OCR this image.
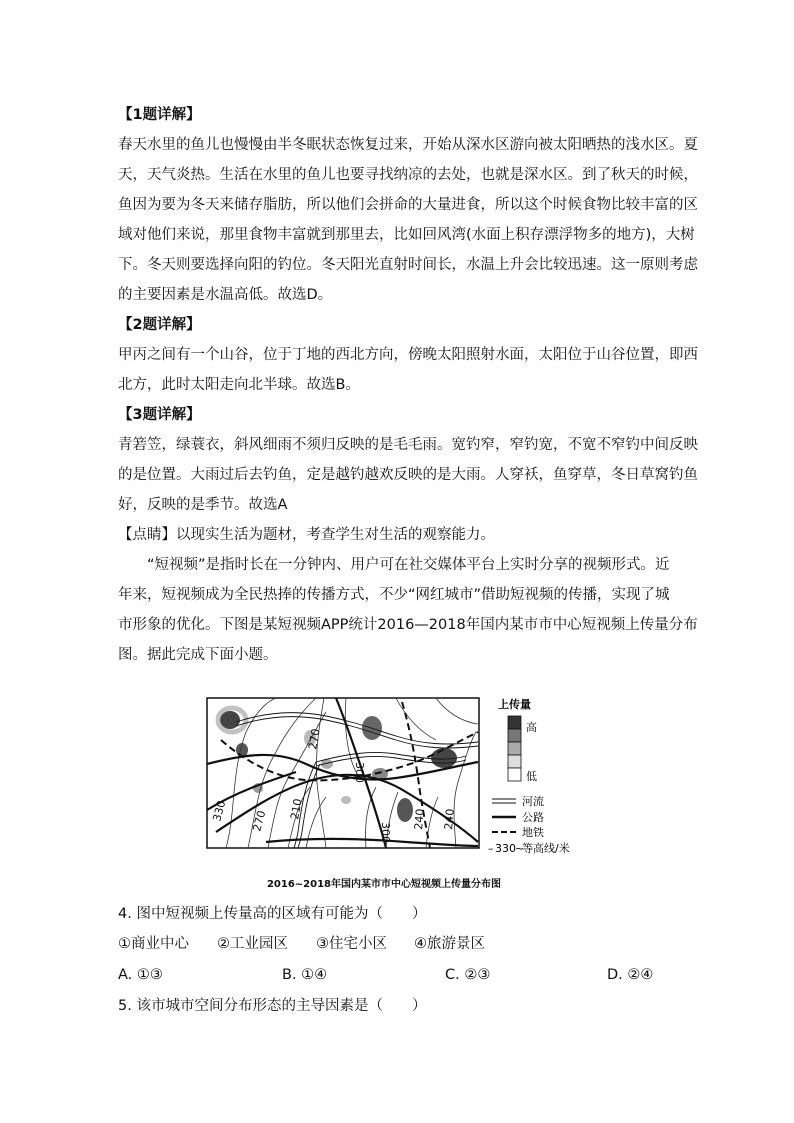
【1题详解】
春天水里的鱼儿也慢慢由半冬眠状态恢复过来，开始从深水区游向被太阳晒热的浅水区。夏
天，天气炎热。生活在水里的鱼儿也要寻找纳凉的去处，也就是深水区。到了秋天的时候，
鱼因为要为冬天来储存脂肪，所以他们会拼命的大量进食，所以这个时候食物比较丰富的区
域对他们来说，那里食物丰富就到那里去，比如回风湾(水面上积存漂浮物多的地方)，大树
下。冬天则要选择向阳的钓位。冬天阳光直射时间长，水温上升会比较迅速。这一原则考虑
的主要因素是水温高低。故选D。
【2题详解】
甲丙之间有一个山谷，位于丁地的西北方向，傍晚太阳照射水面，太阳位于山谷位置，即西
北方，此时太阳走向北半球。故选B。
【3题详解】
青箬笠，绿蓑衣，斜风细雨不须归反映的是毛毛雨。宽钓窄，窄钓宽，不宽不窄钓中间反映
的是位置。大雨过后去钓鱼，定是越钓越欢反映的是大雨。人穿袄，鱼穿草，冬日草窝钓鱼
好，反映的是季节。故选A
【点睛】以现实生活为题材，考查学生对生活的观察能力。
“短视频”是指时长在一分钟内、用户可在社交媒体平台上实时分享的视频形式。近
年来，短视频成为全民热捧的传播方式，不少“网红城市”借助短视频的传播，实现了城
市形象的优化。下图是某短视频APP统计2016—2018年国内某市市中心短视频上传量分布
图。据此完成下面小题。
330 270
210
270
300
300
240 240
上传量
高
低
河流
公路
地铁
– 330 ~
等高线/米
2016~2018年国内某市市中心短视频上传量分布图
4. 图中短视频上传量高的区域有可能为（　　）
①商业中心 ②工业园区 ③住宅小区 ④旅游景区
A. ①③	B. ①④	C. ②③	D. ②④
5. 该市城市空间分布形态的主导因素是（　　）
